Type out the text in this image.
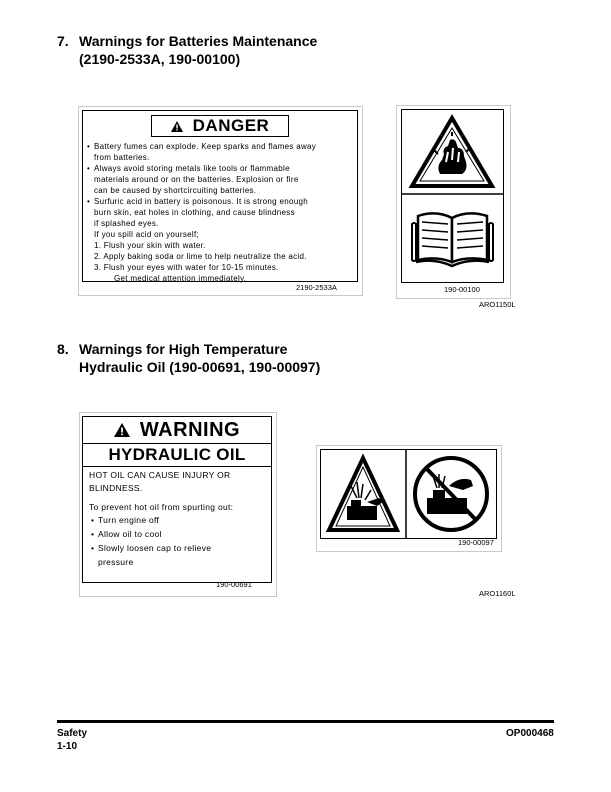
7. Warnings for Batteries Maintenance
(2190-2533A, 190-00100)
DANGER
• Battery fumes can explode. Keep sparks and flames away
from batteries.
• Always avoid storing metals like tools or flammable
materials around or on the batteries. Explosion or fire
can be caused by shortcircuiting batteries.
• Surfuric acid in battery is poisonous. It is strong enough
burn skin, eat holes in clothing, and cause blindness
if splashed eyes.
If you spill acid on yourself;
1. Flush your skin with water.
2. Apply baking soda or lime to help neutralize the acid.
3. Flush your eyes with water for 10-15 minutes.
Get medical attention immediately.
2190-2533A	190-00100
ARO1150L
8. Warnings for High Temperature
Hydraulic Oil (190-00691, 190-00097)
WARNING
HYDRAULIC OIL
HOT OIL CAN CAUSE INJURY OR
BLINDNESS.
To prevent hot oil from spurting out:
• Turn engine off
• Allow oil to cool
• Slowly loosen cap to relieve
pressure
190-00691
190-00097
ARO1160L
Safety
1-10
OP000468
